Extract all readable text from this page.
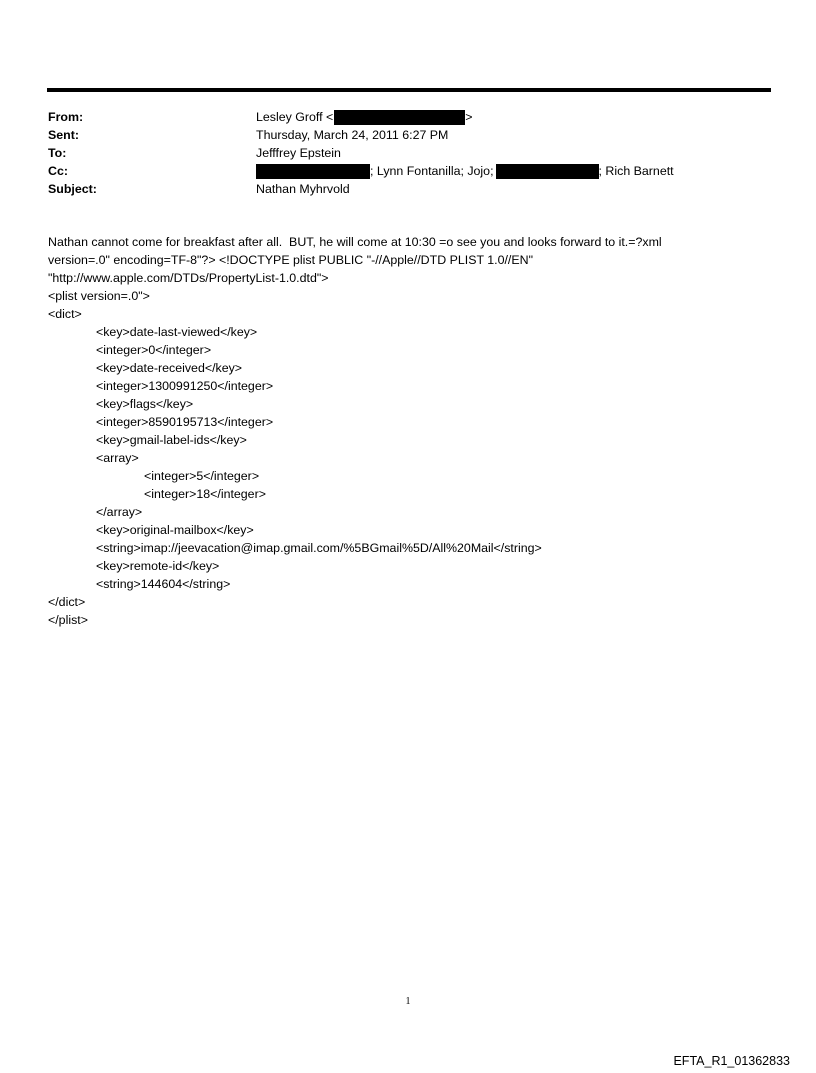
From:	Lesley Groff <	>
Sent:	Thursday, March 24, 2011 6:27 PM
To:	Jefffrey Epstein
Cc:	; Lynn Fontanilla; Jojo;	; Rich Barnett
Subject:	Nathan Myhrvold
Nathan cannot come for breakfast after all.  BUT, he will come at 10:30 =o see you and looks forward to it.=?xml
version=.0" encoding=TF-8"?> <!DOCTYPE plist PUBLIC "-//Apple//DTD PLIST 1.0//EN"
"http://www.apple.com/DTDs/PropertyList-1.0.dtd">
<plist version=.0">
<dict>
<key>date-last-viewed</key>
<integer>0</integer>
<key>date-received</key>
<integer>1300991250</integer>
<key>flags</key>
<integer>8590195713</integer>
<key>gmail-label-ids</key>
<array>
<integer>5</integer>
<integer>18</integer>
</array>
<key>original-mailbox</key>
<string>imap://jeevacation@imap.gmail.com/%5BGmail%5D/All%20Mail</string>
<key>remote-id</key>
<string>144604</string>
</dict>
</plist>
1
EFTA_R1_01362833
